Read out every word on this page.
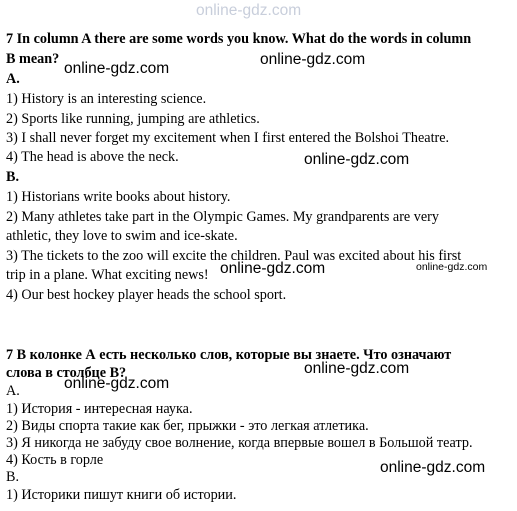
online-gdz.com
7 In column A there are some words you know. What do the words in column
B mean?
A.
1) History is an interesting science.
2) Sports like running, jumping are athletics.
3) I shall never forget my excitement when I first entered the Bolshoi Theatre.
4) The head is above the neck.
B.
1) Historians write books about history.
2) Many athletes take part in the Olympic Games. My grandparents are very
athletic, they love to swim and ice-skate.
3) The tickets to the zoo will excite the children. Paul was excited about his first
trip in a plane. What exciting news!
4) Our best hockey player heads the school sport.
7 В колонке А есть несколько слов, которые вы знаете. Что означают
слова в столбце В?
А.
1) История - интересная наука.
2) Виды спорта такие как бег, прыжки - это легкая атлетика.
3) Я никогда не забуду свое волнение, когда впервые вошел в Большой театр.
4) Кость в горле
В.
1) Историки пишут книги об истории.
online-gdz.com
online-gdz.com
online-gdz.com
online-gdz.com	online-gdz.com
online-gdz.com
online-gdz.com
online-gdz.com
